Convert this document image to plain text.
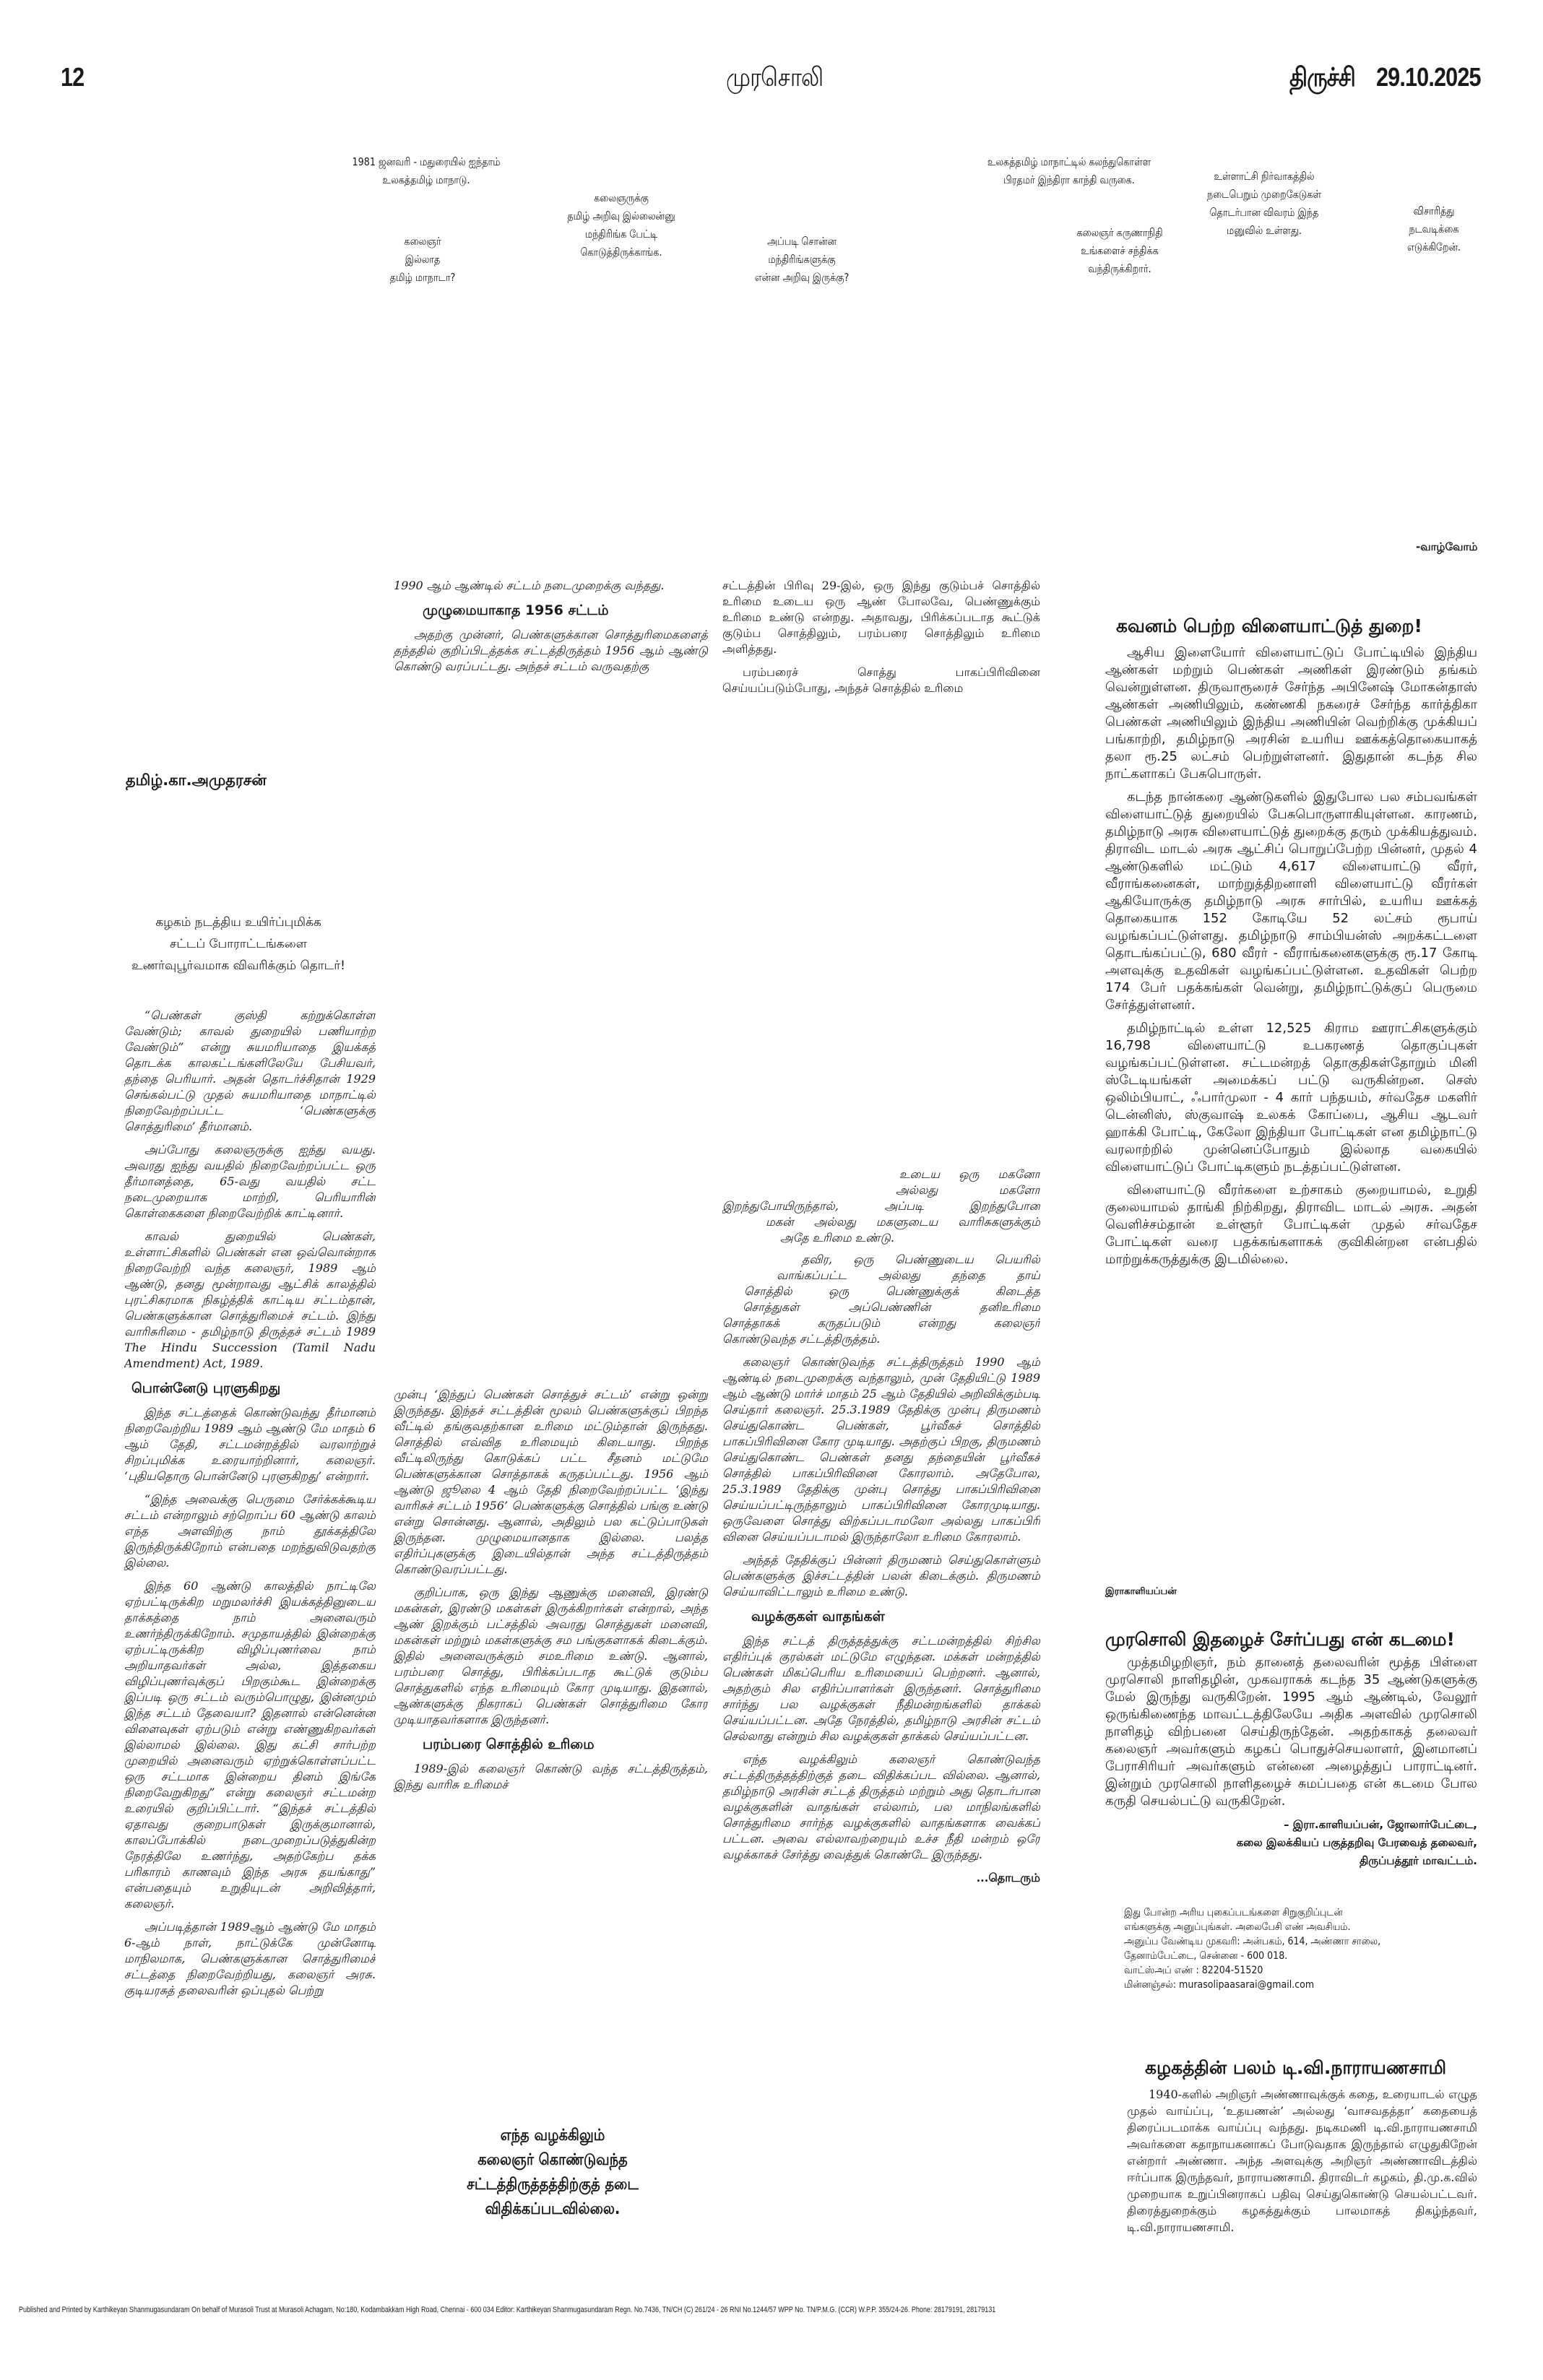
12	முரசொலி	திருச்சி 29.10.2025
1981 ஜனவரி - மதுரையில் ஐந்தாம்
உலகத்தமிழ் மாநாடு.
கலைஞருக்கு
தமிழ் அறிவு இல்லைன்னு
மந்திரிங்க பேட்டி
கொடுத்திருக்காங்க.
கலைஞர்
இல்லாத
தமிழ் மாநாடா?
அப்படி சொன்ன
மந்திரிங்களுக்கு
என்ன அறிவு இருக்கு?
உலகத்தமிழ் மாநாட்டில் கலந்துகொள்ள
பிரதமர் இந்திரா காந்தி வருகை.
கலைஞர் கருணாநிதி
உங்களைச் சந்திக்க
வந்திருக்கிறார்.
உள்ளாட்சி நிர்வாகத்தில்
நடைபெறும் முறைகேடுகள்
தொடர்பான விவரம் இந்த
மனுவில் உள்ளது.
விசாரித்து
நடவடிக்கை
எடுக்கிறேன்.
-வாழ்வோம்
தமிழ்.கா.அமுதரசன்
கழகம் நடத்திய உயிர்ப்புமிக்க
சட்டப் போராட்டங்களை
உணர்வுபூர்வமாக விவரிக்கும் தொடர்!

“பெண்கள் குஸ்தி கற்றுக்கொள்ள வேண்டும்; காவல் துறையில் பணியாற்ற வேண்டும்” என்று சுயமரியாதை இயக்கத் தொடக்க காலகட்டங்களிலேயே பேசியவர், தந்தை பெரியார். அதன் தொடர்ச்சிதான் 1929 செங்கல்பட்டு முதல் சுயமரியாதை மாநாட்டில் நிறைவேற்றப்பட்ட ‘பெண்களுக்கு சொத்துரிமை’ தீர்மானம்.

அப்போது கலைஞருக்கு ஐந்து வயது. அவரது ஐந்து வயதில் நிறைவேற்றப்பட்ட ஒரு தீர்மானத்தை, 65-வது வயதில் சட்ட நடைமுறையாக மாற்றி, பெரியாரின் கொள்கைகளை நிறைவேற்றிக் காட்டினார்.

காவல் துறையில் பெண்கள், உள்ளாட்சிகளில் பெண்கள் என ஒவ்வொன்றாக நிறைவேற்றி வந்த கலைஞர், 1989 ஆம் ஆண்டு, தனது மூன்றாவது ஆட்சிக் காலத்தில் புரட்சிகரமாக நிகழ்த்திக் காட்டிய சட்டம்தான், பெண்களுக்கான சொத்துரிமைச் சட்டம். இந்து வாரிசுரிமை - தமிழ்நாடு திருத்தச் சட்டம் 1989 The Hindu Succession (Tamil Nadu Amendment) Act, 1989.

பொன்னேடு புரளுகிறது

இந்த சட்டத்தைக் கொண்டுவந்து தீர்மானம் நிறைவேற்றிய 1989 ஆம் ஆண்டு மே மாதம் 6 ஆம் தேதி, சட்டமன்றத்தில் வரலாற்றுச் சிறப்புமிக்க உரையாற்றினார், கலைஞர். ‘புதியதொரு பொன்னேடு புரளுகிறது’ என்றார்.

“இந்த அவைக்கு பெருமை சேர்க்கக்கூடிய சட்டம் என்றாலும் சற்றொப்ப 60 ஆண்டு காலம் எந்த அளவிற்கு நாம் தூக்கத்திலே இருந்திருக்கிறோம் என்பதை மறந்துவிடுவதற்கு இல்லை.

இந்த 60 ஆண்டு காலத்தில் நாட்டிலே ஏற்பட்டிருக்கிற மறுமலர்ச்சி இயக்கத்தினுடைய தாக்கத்தை நாம் அனைவரும் உணர்ந்திருக்கிறோம். சமுதாயத்தில் இன்றைக்கு ஏற்பட்டிருக்கிற விழிப்புணர்வை நாம் அறியாதவர்கள் அல்ல, இத்தகைய விழிப்புணர்வுக்குப் பிறகும்கூட இன்றைக்கு இப்படி ஒரு சட்டம் வரும்பொழுது, இன்னமும் இந்த சட்டம் தேவையா? இதனால் என்னென்ன விளைவுகள் ஏற்படும் என்று எண்ணுகிறவர்கள் இல்லாமல் இல்லை. இது கட்சி சார்பற்ற முறையில் அனைவரும் ஏற்றுக்கொள்ளப்பட்ட ஒரு சட்டமாக இன்றைய தினம் இங்கே நிறைவேறுகிறது” என்று கலைஞர் சட்டமன்ற உரையில் குறிப்பிட்டார். “இந்தச் சட்டத்தில் ஏதாவது குறைபாடுகள் இருக்குமானால், காலப்போக்கில் நடைமுறைப்படுத்துகின்ற நேரத்திலே உணர்ந்து, அதற்கேற்ப தக்க பரிகாரம் காணவும் இந்த அரசு தயங்காது” என்பதையும் உறுதியுடன் அறிவித்தார், கலைஞர்.

அப்படித்தான் 1989ஆம் ஆண்டு மே மாதம் 6-ஆம் நாள், நாட்டுக்கே முன்னோடி மாநிலமாக, பெண்களுக்கான சொத்துரிமைச் சட்டத்தை நிறைவேற்றியது, கலைஞர் அரசு. குடியரசுத் தலைவரின் ஒப்புதல் பெற்று

1990 ஆம் ஆண்டில் சட்டம் நடைமுறைக்கு வந்தது.

முழுமையாகாத 1956 சட்டம்

அதற்கு முன்னர், பெண்களுக்கான சொத்துரிமைகளைத் தந்ததில் குறிப்பிடத்தக்க சட்டத்திருத்தம் 1956 ஆம் ஆண்டு கொண்டு வரப்பட்டது. அந்தச் சட்டம் வருவதற்கு

முன்பு ‘இந்துப் பெண்கள் சொத்துச் சட்டம்’ என்று ஒன்று இருந்தது. இந்தச் சட்டத்தின் மூலம் பெண்களுக்குப் பிறந்த வீட்டில் தங்குவதற்கான உரிமை மட்டும்தான் இருந்தது. சொத்தில் எவ்வித உரிமையும் கிடையாது. பிறந்த வீட்டிலிருந்து கொடுக்கப் பட்ட சீதனம் மட்டுமே பெண்களுக்கான சொத்தாகக் கருதப்பட்டது. 1956 ஆம் ஆண்டு ஜூலை 4 ஆம் தேதி நிறைவேற்றப்பட்ட ‘இந்து வாரிசுச் சட்டம் 1956’ பெண்களுக்கு சொத்தில் பங்கு உண்டு என்று சொன்னது. ஆனால், அதிலும் பல கட்டுப்பாடுகள் இருந்தன. முழுமையானதாக இல்லை. பலத்த எதிர்ப்புகளுக்கு இடையில்தான் அந்த சட்டத்திருத்தம் கொண்டுவரப்பட்டது.

குறிப்பாக, ஒரு இந்து ஆணுக்கு மனைவி, இரண்டு மகன்கள், இரண்டு மகள்கள் இருக்கிறார்கள் என்றால், அந்த ஆண் இறக்கும் பட்சத்தில் அவரது சொத்துகள் மனைவி, மகன்கள் மற்றும் மகள்களுக்கு சம பங்குகளாகக் கிடைக்கும். இதில் அனைவருக்கும் சமஉரிமை உண்டு. ஆனால், பரம்பரை சொத்து, பிரிக்கப்படாத கூட்டுக் குடும்ப சொத்துகளில் எந்த உரிமையும் கோர முடியாது. இதனால், ஆண்களுக்கு நிகராகப் பெண்கள் சொத்துரிமை கோர முடியாதவர்களாக இருந்தனர்.

பரம்பரை சொத்தில் உரிமை

1989-இல் கலைஞர் கொண்டு வந்த சட்டத்திருத்தம், இந்து வாரிசு உரிமைச்

எந்த வழக்கிலும்
கலைஞர் கொண்டுவந்த
சட்டத்திருத்தத்திற்குத் தடை
விதிக்கப்படவில்லை.

சட்டத்தின் பிரிவு 29-இல், ஒரு இந்து குடும்பச் சொத்தில் உரிமை உடைய ஒரு ஆண் போலவே, பெண்ணுக்கும் உரிமை உண்டு என்றது. அதாவது, பிரிக்கப்படாத கூட்டுக் குடும்ப சொத்திலும், பரம்பரை சொத்திலும் உரிமை அளித்தது.

பரம்பரைச் சொத்து பாகப்பிரிவினை செய்யப்படும்போது, அந்தச் சொத்தில் உரிமை

உடைய ஒரு மகனோ
அல்லது மகளோ
இறந்துபோயிருந்தால், அப்படி இறந்துபோன
மகன் அல்லது மகளுடைய வாரிசுகளுக்கும்
அதே உரிமை உண்டு.
தவிர, ஒரு பெண்ணுடைய பெயரில்
வாங்கப்பட்ட அல்லது தந்தை தாய்
சொத்தில் ஒரு பெண்ணுக்குக் கிடைத்த
சொத்துகள் அப்பெண்ணின் தனிஉரிமை
சொத்தாகக் கருதப்படும் என்றது கலைஞர்
கொண்டுவந்த சட்டத்திருத்தம்.

கலைஞர் கொண்டுவந்த சட்டத்திருத்தம் 1990 ஆம் ஆண்டில் நடைமுறைக்கு வந்தாலும், முன் தேதியிட்டு 1989 ஆம் ஆண்டு மார்ச் மாதம் 25 ஆம் தேதியில் அறிவிக்கும்படி செய்தார் கலைஞர். 25.3.1989 தேதிக்கு முன்பு திருமணம் செய்துகொண்ட பெண்கள், பூர்வீகச் சொத்தில் பாகப்பிரிவினை கோர முடியாது. அதற்குப் பிறகு, திருமணம் செய்துகொண்ட பெண்கள் தனது தந்தையின் பூர்வீகச் சொத்தில் பாகப்பிரிவினை கோரலாம். அதேபோல, 25.3.1989 தேதிக்கு முன்பு சொத்து பாகப்பிரிவினை செய்யப்பட்டிருந்தாலும் பாகப்பிரிவினை கோரமுடியாது. ஒருவேளை சொத்து விற்கப்படாமலோ அல்லது பாகப்பிரி வினை செய்யப்படாமல் இருந்தாலோ உரிமை கோரலாம்.

அந்தத் தேதிக்குப் பின்னர் திருமணம் செய்துகொள்ளும் பெண்களுக்கு இச்சட்டத்தின் பலன் கிடைக்கும். திருமணம் செய்யாவிட்டாலும் உரிமை உண்டு.

வழக்குகள் வாதங்கள்

இந்த சட்டத் திருத்தத்துக்கு சட்டமன்றத்தில் சிற்சில எதிர்ப்புக் குரல்கள் மட்டுமே எழுந்தன. மக்கள் மன்றத்தில் பெண்கள் மிகப்பெரிய உரிமையைப் பெற்றனர். ஆனால், அதற்கும் சில எதிர்ப்பாளர்கள் இருந்தனர். சொத்துரிமை சார்ந்து பல வழக்குகள் நீதிமன்றங்களில் தாக்கல் செய்யப்பட்டன. அதே நேரத்தில், தமிழ்நாடு அரசின் சட்டம் செல்லாது என்றும் சில வழக்குகள் தாக்கல் செய்யப்பட்டன.

எந்த வழக்கிலும் கலைஞர் கொண்டுவந்த சட்டத்திருத்தத்திற்குத் தடை விதிக்கப்பட வில்லை. ஆனால், தமிழ்நாடு அரசின் சட்டத் திருத்தம் மற்றும் அது தொடர்பான வழக்குகளின் வாதங்கள் எல்லாம், பல மாநிலங்களில் சொத்துரிமை சார்ந்த வழக்குகளில் வாதங்களாக வைக்கப் பட்டன. அவை எல்லாவற்றையும் உச்ச நீதி மன்றம் ஒரே வழக்காகச் சேர்த்து வைத்துக் கொண்டே இருந்தது.

...தொடரும்
கவனம் பெற்ற விளையாட்டுத் துறை!

ஆசிய இளையோர் விளையாட்டுப் போட்டியில் இந்திய ஆண்கள் மற்றும் பெண்கள் அணிகள் இரண்டும் தங்கம் வென்றுள்ளன. திருவாரூரைச் சேர்ந்த அபினேஷ் மோகன்தாஸ் ஆண்கள் அணியிலும், கண்ணகி நகரைச் சேர்ந்த கார்த்திகா பெண்கள் அணியிலும் இந்திய அணியின் வெற்றிக்கு முக்கியப் பங்காற்றி, தமிழ்நாடு அரசின் உயரிய ஊக்கத்தொகையாகத் தலா ரூ.25 லட்சம் பெற்றுள்ளனர். இதுதான் கடந்த சில நாட்களாகப் பேசுபொருள்.

கடந்த நான்கரை ஆண்டுகளில் இதுபோல பல சம்பவங்கள் விளையாட்டுத் துறையில் பேசுபொருளாகியுள்ளன. காரணம், தமிழ்நாடு அரசு விளையாட்டுத் துறைக்கு தரும் முக்கியத்துவம். திராவிட மாடல் அரசு ஆட்சிப் பொறுப்பேற்ற பின்னர், முதல் 4 ஆண்டுகளில் மட்டும் 4,617 விளையாட்டு வீரர், வீராங்கனைகள், மாற்றுத்திறனாளி விளையாட்டு வீரர்கள் ஆகியோருக்கு தமிழ்நாடு அரசு சார்பில், உயரிய ஊக்கத் தொகையாக 152 கோடியே 52 லட்சம் ரூபாய் வழங்கப்பட்டுள்ளது. தமிழ்நாடு சாம்பியன்ஸ் அறக்கட்டளை தொடங்கப்பட்டு, 680 வீரர் - வீராங்கனைகளுக்கு ரூ.17 கோடி அளவுக்கு உதவிகள் வழங்கப்பட்டுள்ளன. உதவிகள் பெற்ற 174 பேர் பதக்கங்கள் வென்று, தமிழ்நாட்டுக்குப் பெருமை சேர்த்துள்ளனர்.

தமிழ்நாட்டில் உள்ள 12,525 கிராம ஊராட்சிகளுக்கும் 16,798 விளையாட்டு உபகரணத் தொகுப்புகள் வழங்கப்பட்டுள்ளன. சட்டமன்றத் தொகுதிகள்தோறும் மினி ஸ்டேடியங்கள் அமைக்கப் பட்டு வருகின்றன. செஸ் ஒலிம்பியாட், ஃபார்முலா - 4 கார் பந்தயம், சர்வதேச மகளிர் டென்னிஸ், ஸ்குவாஷ் உலகக் கோப்பை, ஆசிய ஆடவர் ஹாக்கி போட்டி, கேலோ இந்தியா போட்டிகள் என தமிழ்நாட்டு வரலாற்றில் முன்னெப்போதும் இல்லாத வகையில் விளையாட்டுப் போட்டிகளும் நடத்தப்பட்டுள்ளன.

விளையாட்டு வீரர்களை உற்சாகம் குறையாமல், உறுதி குலையாமல் தாங்கி நிற்கிறது, திராவிட மாடல் அரசு. அதன் வெளிச்சம்தான் உள்ளூர் போட்டிகள் முதல் சர்வதேச போட்டிகள் வரை பதக்கங்களாகக் குவிகின்றன என்பதில் மாற்றுக்கருத்துக்கு இடமில்லை.

இராகாளியப்பன்
முரசொலி இதழைச் சேர்ப்பது என் கடமை!

முத்தமிழறிஞர், நம் தானைத் தலைவரின் மூத்த பிள்ளை முரசொலி நாளிதழின், முகவராகக் கடந்த 35 ஆண்டுகளுக்கு மேல் இருந்து வருகிறேன். 1995 ஆம் ஆண்டில், வேலூர் ஒருங்கிணைந்த மாவட்டத்திலேயே அதிக அளவில் முரசொலி நாளிதழ் விற்பனை செய்திருந்தேன். அதற்காகத் தலைவர் கலைஞர் அவர்களும் கழகப் பொதுச்செயலாளர், இனமானப் பேராசிரியர் அவர்களும் என்னை அழைத்துப் பாராட்டினர். இன்றும் முரசொலி நாளிதழைச் சுமப்பதை என் கடமை போல கருதி செயல்பட்டு வருகிறேன்.

– இரா.காளியப்பன், ஜோலார்பேட்டை,
கலை இலக்கியப் பகுத்தறிவு பேரவைத் தலைவர்,
திருப்பத்தூர் மாவட்டம்.
இது போன்ற அரிய புகைப்படங்களை சிறுகுறிப்புடன்
எங்களுக்கு அனுப்புங்கள். அலைபேசி எண் அவசியம்.
அனுப்ப வேண்டிய முகவரி: அன்பகம், 614, அண்ணா சாலை,
தேனாம்பேட்டை, சென்னை - 600 018.
வாட்ஸ்அப் எண் : 82204-51520
மின்னஞ்சல்: murasolipaasarai@gmail.com
கழகத்தின் பலம் டி.வி.நாராயணசாமி

1940-களில் அறிஞர் அண்ணாவுக்குக் கதை, உரையாடல் எழுத முதல் வாய்ப்பு, ‘உதயணன்’ அல்லது ‘வாசவதத்தா’ கதையைத் திரைப்படமாக்க வாய்ப்பு வந்தது. நடிகமணி டி.வி.நாராயணசாமி அவர்களை கதாநாயகனாகப் போடுவதாக இருந்தால் எழுதுகிறேன் என்றார் அண்ணா. அந்த அளவுக்கு அறிஞர் அண்ணாவிடத்தில் ஈர்ப்பாக இருந்தவர், நாராயணசாமி. திராவிடர் கழகம், தி.மு.க.வில் முறையாக உறுப்பினராகப் பதிவு செய்துகொண்டு செயல்பட்டவர். திரைத்துறைக்கும் கழகத்துக்கும் பாலமாகத் திகழ்ந்தவர், டி.வி.நாராயணசாமி.

Published and Printed by Karthikeyan Shanmugasundaram On behalf of Murasoli Trust at Murasoli Achagam, No:180, Kodambakkam High Road, Chennai - 600 034 Editor: Karthikeyan Shanmugasundaram Regn. No.7436, TN/CH (C) 261/24 - 26 RNI No.1244/57 WPP No. TN/P.M.G. (CCR) W.P.P. 355/24-26. Phone: 28179191, 28179131
